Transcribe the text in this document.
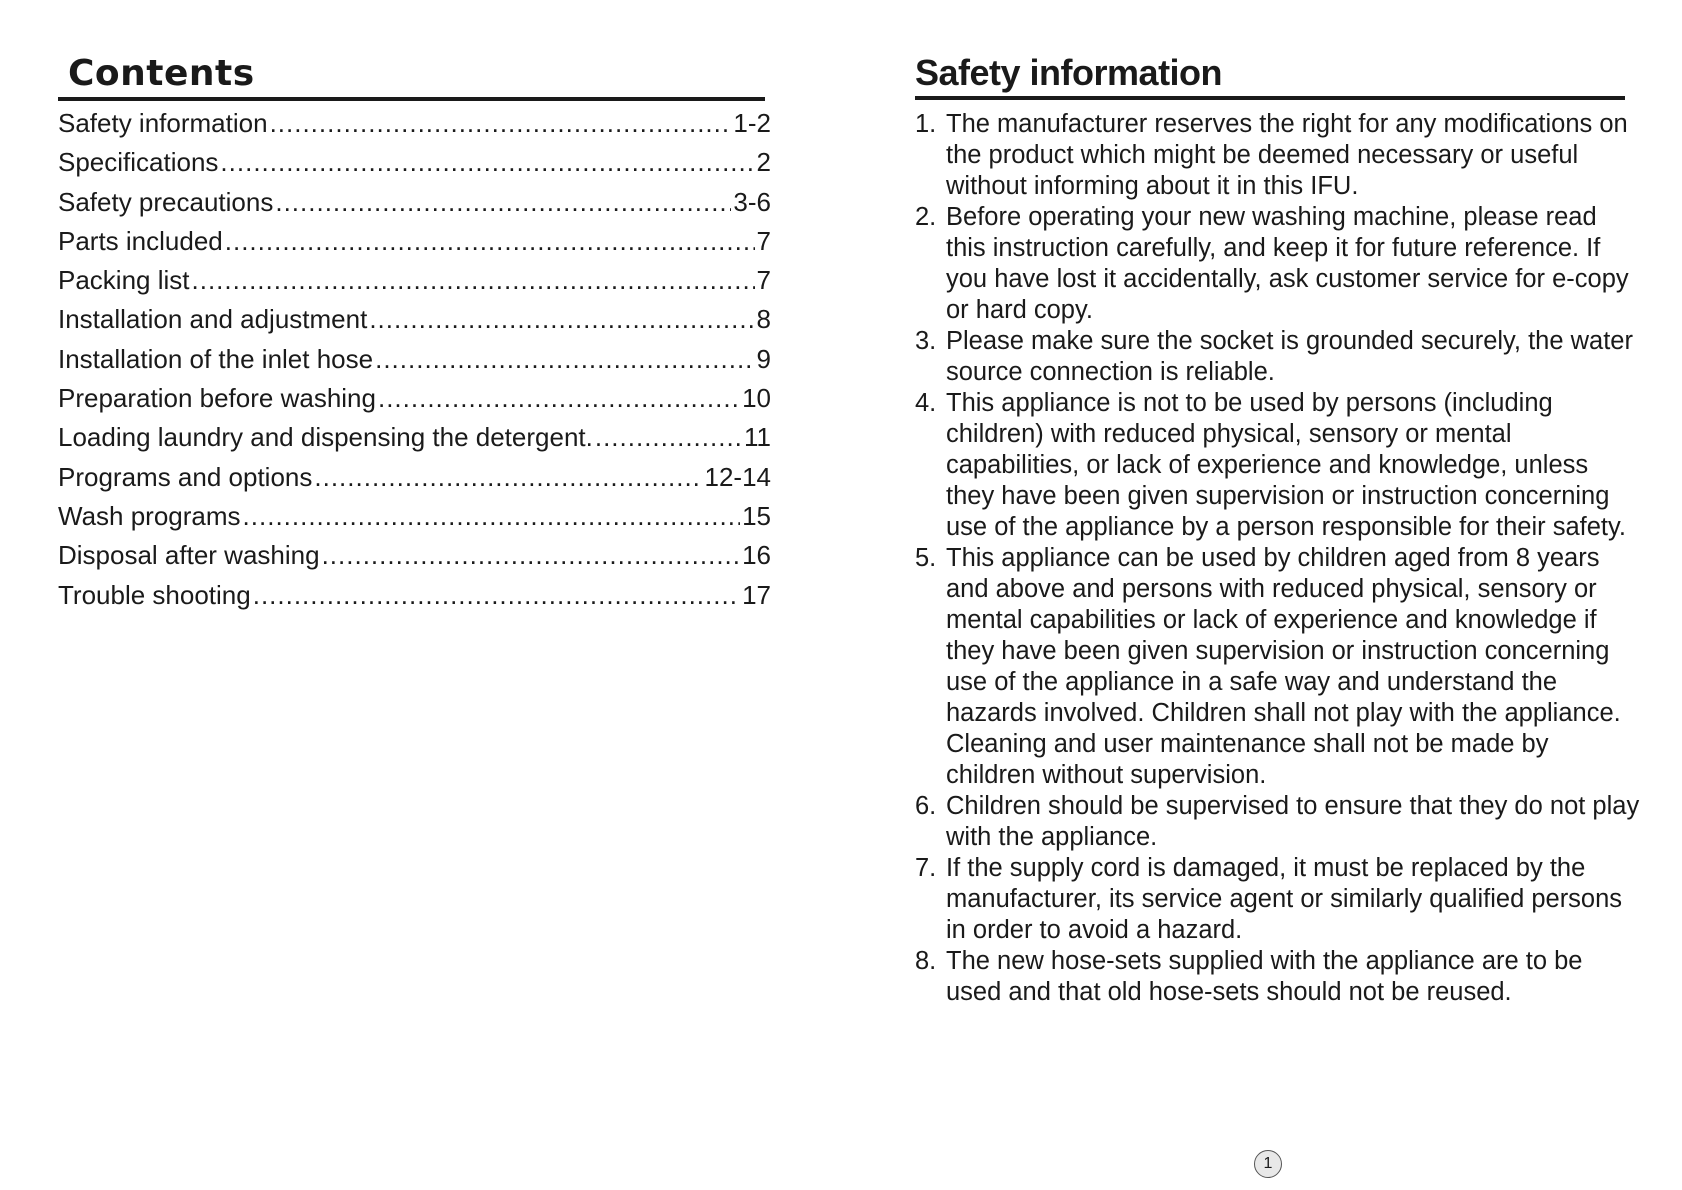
Contents
Safety information .....	1-2
Specifications .....	2
Safety precautions .....	3-6
Parts included .....	7
Packing list .....	7
Installation and adjustment .....	8
Installation of the inlet hose .....	9
Preparation before washing .....	10
Loading laundry and dispensing the detergent. .....	11
Programs and options .....	12-14
Wash programs .....	15
Disposal after washing .....	16
Trouble shooting .....	17
Safety information
1. The manufacturer reserves the right for any modifications on the product which might be deemed necessary or useful without informing about it in this IFU.
2. Before operating your new washing machine, please read this instruction carefully, and keep it for future reference. If you have lost it accidentally, ask customer service for e-copy or hard copy.
3. Please make sure the socket is grounded securely, the water source connection is reliable.
4. This appliance is not to be used by persons (including children) with reduced physical, sensory or mental capabilities, or lack of experience and knowledge, unless they have been given supervision or instruction concerning use of the appliance by a person responsible for their safety.
5. This appliance can be used by children aged from 8 years and above and persons with reduced physical, sensory or mental capabilities or lack of experience and knowledge if they have been given supervision or instruction concerning use of the appliance in a safe way and understand the hazards involved. Children shall not play with the appliance. Cleaning and user maintenance shall not be made by children without supervision.
6. Children should be supervised to ensure that they do not play with the appliance.
7. If the supply cord is damaged, it must be replaced by the manufacturer, its service agent or similarly qualified persons in order to avoid a hazard.
8. The new hose-sets supplied with the appliance are to be used and that old hose-sets should not be reused.
1
